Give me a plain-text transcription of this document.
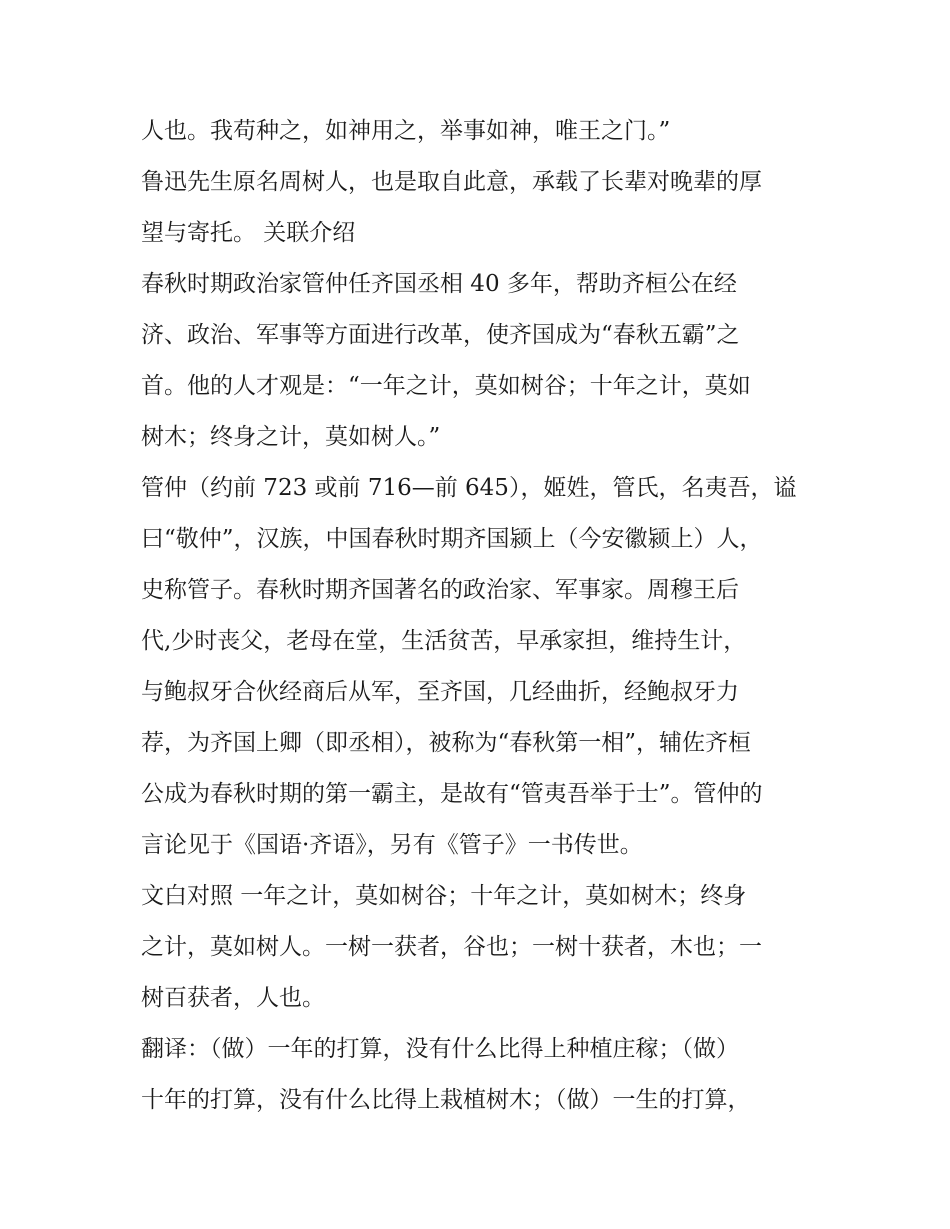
人也。我苟种之，如神用之，举事如神，唯王之门。”
鲁迅先生原名周树人，也是取自此意，承载了长辈对晚辈的厚
望与寄托。 关联介绍
春秋时期政治家管仲任齐国丞相 40 多年，帮助齐桓公在经
济、政治、军事等方面进行改革，使齐国成为“春秋五霸”之
首。他的人才观是：“一年之计，莫如树谷；十年之计，莫如
树木；终身之计，莫如树人。”
管仲（约前 723 或前 716—前 645），姬姓，管氏，名夷吾，谥
曰“敬仲”，汉族，中国春秋时期齐国颍上（今安徽颍上）人，
史称管子。春秋时期齐国著名的政治家、军事家。周穆王后
代,少时丧父，老母在堂，生活贫苦，早承家担，维持生计，
与鲍叔牙合伙经商后从军，至齐国，几经曲折，经鲍叔牙力
荐，为齐国上卿（即丞相），被称为“春秋第一相”，辅佐齐桓
公成为春秋时期的第一霸主，是故有“管夷吾举于士”。管仲的
言论见于《国语·齐语》，另有《管子》一书传世。
文白对照 一年之计，莫如树谷；十年之计，莫如树木；终身
之计，莫如树人。一树一获者，谷也；一树十获者，木也；一
树百获者，人也。
翻译：（做）一年的打算，没有什么比得上种植庄稼；（做）
十年的打算，没有什么比得上栽植树木；（做）一生的打算，
